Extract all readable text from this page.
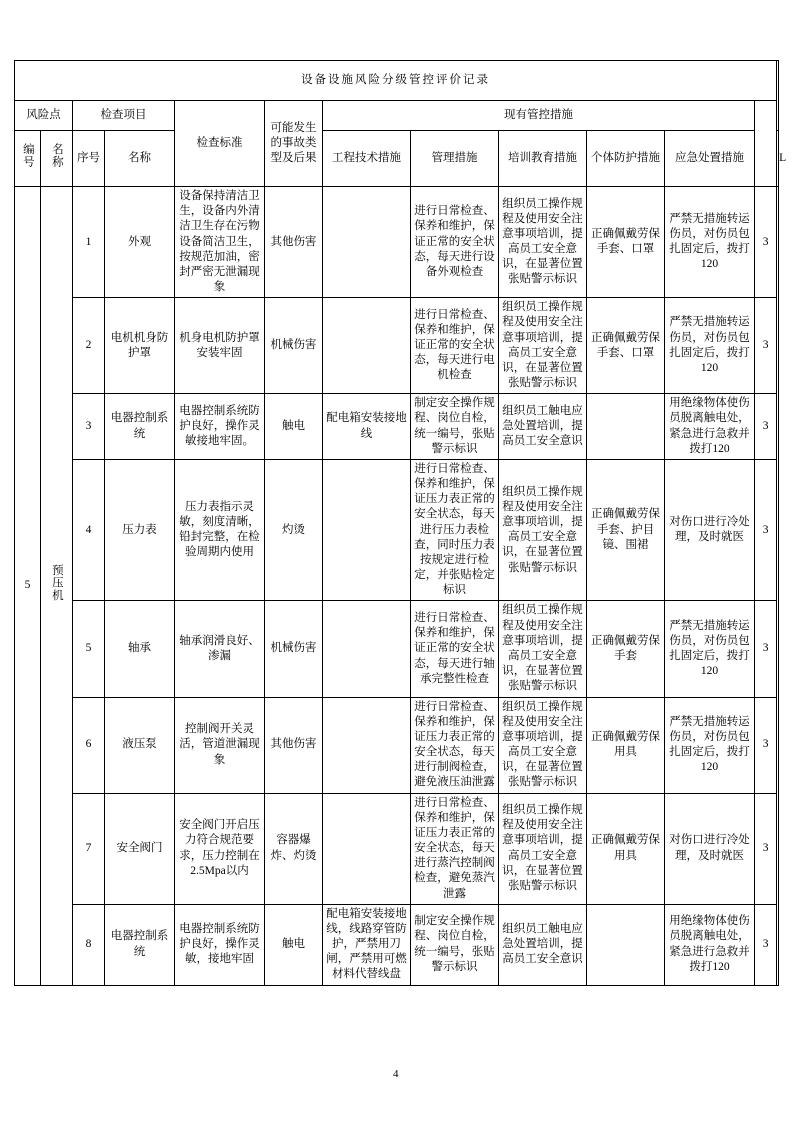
设备设施风险分级管控评价记录												
风险点		检查项目		检查标准	可能发生的事故类型及后果	现有管控措施						
编号	名称	序号	名称			工程技术措施	管理措施	培训教育措施	个体防护措施	应急处置措施		L
5	预压机	1	外观	设备保持清洁卫生，设备内外清洁卫生存在污物设备简洁卫生，按规范加油，密封严密无泄漏现象	其他伤害		进行日常检查、保养和维护，保证正常的安全状态，每天进行设备外观检查	组织员工操作规程及使用安全注意事项培训，提高员工安全意识，在显著位置张贴警示标识	正确佩戴劳保手套、口罩	严禁无措施转运伤员，对伤员包扎固定后，拨打120	3	
		2	电机机身防护罩	机身电机防护罩安装牢固	机械伤害		进行日常检查、保养和维护，保证正常的安全状态，每天进行电机检查	组织员工操作规程及使用安全注意事项培训，提高员工安全意识，在显著位置张贴警示标识	正确佩戴劳保手套、口罩	严禁无措施转运伤员，对伤员包扎固定后，拨打120	3	
		3	电器控制系统	电器控制系统防护良好，操作灵敏接地牢固。	触电	配电箱安装接地线	制定安全操作规程、岗位自检，统一编号，张贴警示标识	组织员工触电应急处置培训，提高员工安全意识		用绝缘物体使伤员脱离触电处，紧急进行急救并拨打120	3	
		4	压力表	压力表指示灵敏，刻度清晰，铅封完整，在检验周期内使用	灼烫		进行日常检查、保养和维护，保证压力表正常的安全状态，每天进行压力表检查，同时压力表按规定进行检定，并张贴检定标识	组织员工操作规程及使用安全注意事项培训，提高员工安全意识，在显著位置张贴警示标识	正确佩戴劳保手套、护目镜、围裙	对伤口进行冷处理，及时就医	3	
		5	轴承	轴承润滑良好、渗漏	机械伤害		进行日常检查、保养和维护，保证正常的安全状态，每天进行轴承完整性检查	组织员工操作规程及使用安全注意事项培训，提高员工安全意识，在显著位置张贴警示标识	正确佩戴劳保手套	严禁无措施转运伤员，对伤员包扎固定后，拨打120	3	
		6	液压泵	控制阀开关灵活，管道泄漏现象	其他伤害		进行日常检查、保养和维护，保证压力表正常的安全状态，每天进行制阀检查，避免液压油泄露	组织员工操作规程及使用安全注意事项培训，提高员工安全意识，在显著位置张贴警示标识	正确佩戴劳保用具	严禁无措施转运伤员，对伤员包扎固定后，拨打120	3	
		7	安全阀门	安全阀门开启压力符合规范要求，压力控制在2.5Mpa以内	容器爆炸、灼烫		进行日常检查、保养和维护，保证压力表正常的安全状态，每天进行蒸汽控制阀检查，避免蒸汽泄露	组织员工操作规程及使用安全注意事项培训，提高员工安全意识，在显著位置张贴警示标识	正确佩戴劳保用具	对伤口进行冷处理，及时就医	3	
		8	电器控制系统	电器控制系统防护良好，操作灵敏，接地牢固	触电	配电箱安装接地线，线路穿管防护，严禁用刀闸，严禁用可燃材料代替线盘	制定安全操作规程、岗位自检，统一编号，张贴警示标识	组织员工触电应急处置培训，提高员工安全意识		用绝缘物体使伤员脱离触电处，紧急进行急救并拨打120	3	
4
